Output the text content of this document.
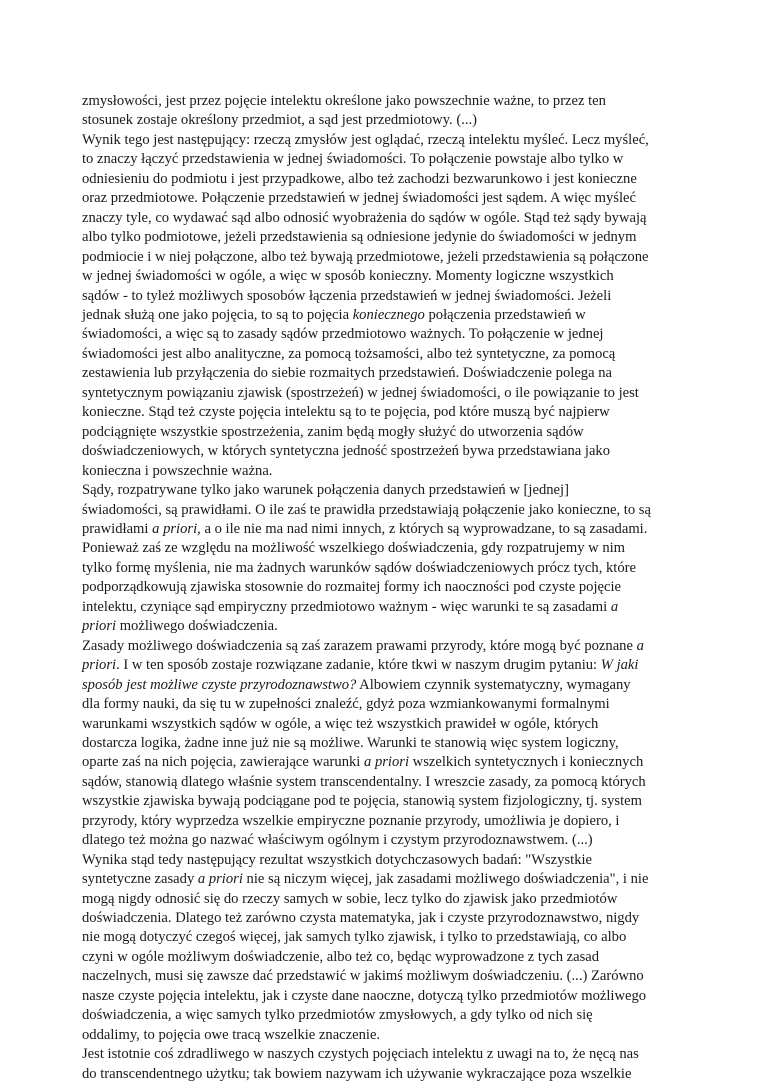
zmysłowości, jest przez pojęcie intelektu określone jako powszechnie ważne, to przez ten
stosunek zostaje określony przedmiot, a sąd jest przedmiotowy. (...)
Wynik tego jest następujący: rzeczą zmysłów jest oglądać, rzeczą intelektu myśleć. Lecz myśleć,
to znaczy łączyć przedstawienia w jednej świadomości. To połączenie powstaje albo tylko w
odniesieniu do podmiotu i jest przypadkowe, albo też zachodzi bezwarunkowo i jest konieczne
oraz przedmiotowe. Połączenie przedstawień w jednej świadomości jest sądem. A więc myśleć
znaczy tyle, co wydawać sąd albo odnosić wyobrażenia do sądów w ogóle. Stąd też sądy bywają
albo tylko podmiotowe, jeżeli przedstawienia są odniesione jedynie do świadomości w jednym
podmiocie i w niej połączone, albo też bywają przedmiotowe, jeżeli przedstawienia są połączone
w jednej świadomości w ogóle, a więc w sposób konieczny. Momenty logiczne wszystkich
sądów - to tyleż możliwych sposobów łączenia przedstawień w jednej świadomości. Jeżeli
jednak służą one jako pojęcia, to są to pojęcia koniecznego połączenia przedstawień w
świadomości, a więc są to zasady sądów przedmiotowo ważnych. To połączenie w jednej
świadomości jest albo analityczne, za pomocą tożsamości, albo też syntetyczne, za pomocą
zestawienia lub przyłączenia do siebie rozmaitych przedstawień. Doświadczenie polega na
syntetycznym powiązaniu zjawisk (spostrzeżeń) w jednej świadomości, o ile powiązanie to jest
konieczne. Stąd też czyste pojęcia intelektu są to te pojęcia, pod które muszą być najpierw
podciągnięte wszystkie spostrzeżenia, zanim będą mogły służyć do utworzenia sądów
doświadczeniowych, w których syntetyczna jedność spostrzeżeń bywa przedstawiana jako
konieczna i powszechnie ważna.
Sądy, rozpatrywane tylko jako warunek połączenia danych przedstawień w [jednej]
świadomości, są prawidłami. O ile zaś te prawidła przedstawiają połączenie jako konieczne, to są
prawidłami a priori, a o ile nie ma nad nimi innych, z których są wyprowadzane, to są zasadami.
Ponieważ zaś ze względu na możliwość wszelkiego doświadczenia, gdy rozpatrujemy w nim
tylko formę myślenia, nie ma żadnych warunków sądów doświadczeniowych prócz tych, które
podporządkowują zjawiska stosownie do rozmaitej formy ich naoczności pod czyste pojęcie
intelektu, czyniące sąd empiryczny przedmiotowo ważnym - więc warunki te są zasadami a
priori możliwego doświadczenia.
Zasady możliwego doświadczenia są zaś zarazem prawami przyrody, które mogą być poznane a
priori. I w ten sposób zostaje rozwiązane zadanie, które tkwi w naszym drugim pytaniu: W jaki
sposób jest możliwe czyste przyrodoznawstwo? Albowiem czynnik systematyczny, wymagany
dla formy nauki, da się tu w zupełności znaleźć, gdyż poza wzmiankowanymi formalnymi
warunkami wszystkich sądów w ogóle, a więc też wszystkich prawideł w ogóle, których
dostarcza logika, żadne inne już nie są możliwe. Warunki te stanowią więc system logiczny,
oparte zaś na nich pojęcia, zawierające warunki a priori wszelkich syntetycznych i koniecznych
sądów, stanowią dlatego właśnie system transcendentalny. I wreszcie zasady, za pomocą których
wszystkie zjawiska bywają podciągane pod te pojęcia, stanowią system fizjologiczny, tj. system
przyrody, który wyprzedza wszelkie empiryczne poznanie przyrody, umożliwia je dopiero, i
dlatego też można go nazwać właściwym ogólnym i czystym przyrodoznawstwem. (...)
Wynika stąd tedy następujący rezultat wszystkich dotychczasowych badań: "Wszystkie
syntetyczne zasady a priori nie są niczym więcej, jak zasadami możliwego doświadczenia", i nie
mogą nigdy odnosić się do rzeczy samych w sobie, lecz tylko do zjawisk jako przedmiotów
doświadczenia. Dlatego też zarówno czysta matematyka, jak i czyste przyrodoznawstwo, nigdy
nie mogą dotyczyć czegoś więcej, jak samych tylko zjawisk, i tylko to przedstawiają, co albo
czyni w ogóle możliwym doświadczenie, albo też co, będąc wyprowadzone z tych zasad
naczelnych, musi się zawsze dać przedstawić w jakimś możliwym doświadczeniu. (...) Zarówno
nasze czyste pojęcia intelektu, jak i czyste dane naoczne, dotyczą tylko przedmiotów możliwego
doświadczenia, a więc samych tylko przedmiotów zmysłowych, a gdy tylko od nich się
oddalimy, to pojęcia owe tracą wszelkie znaczenie.
Jest istotnie coś zdradliwego w naszych czystych pojęciach intelektu z uwagi na to, że nęcą nas
do transcendentnego użytku; tak bowiem nazywam ich używanie wykraczające poza wszelkie
